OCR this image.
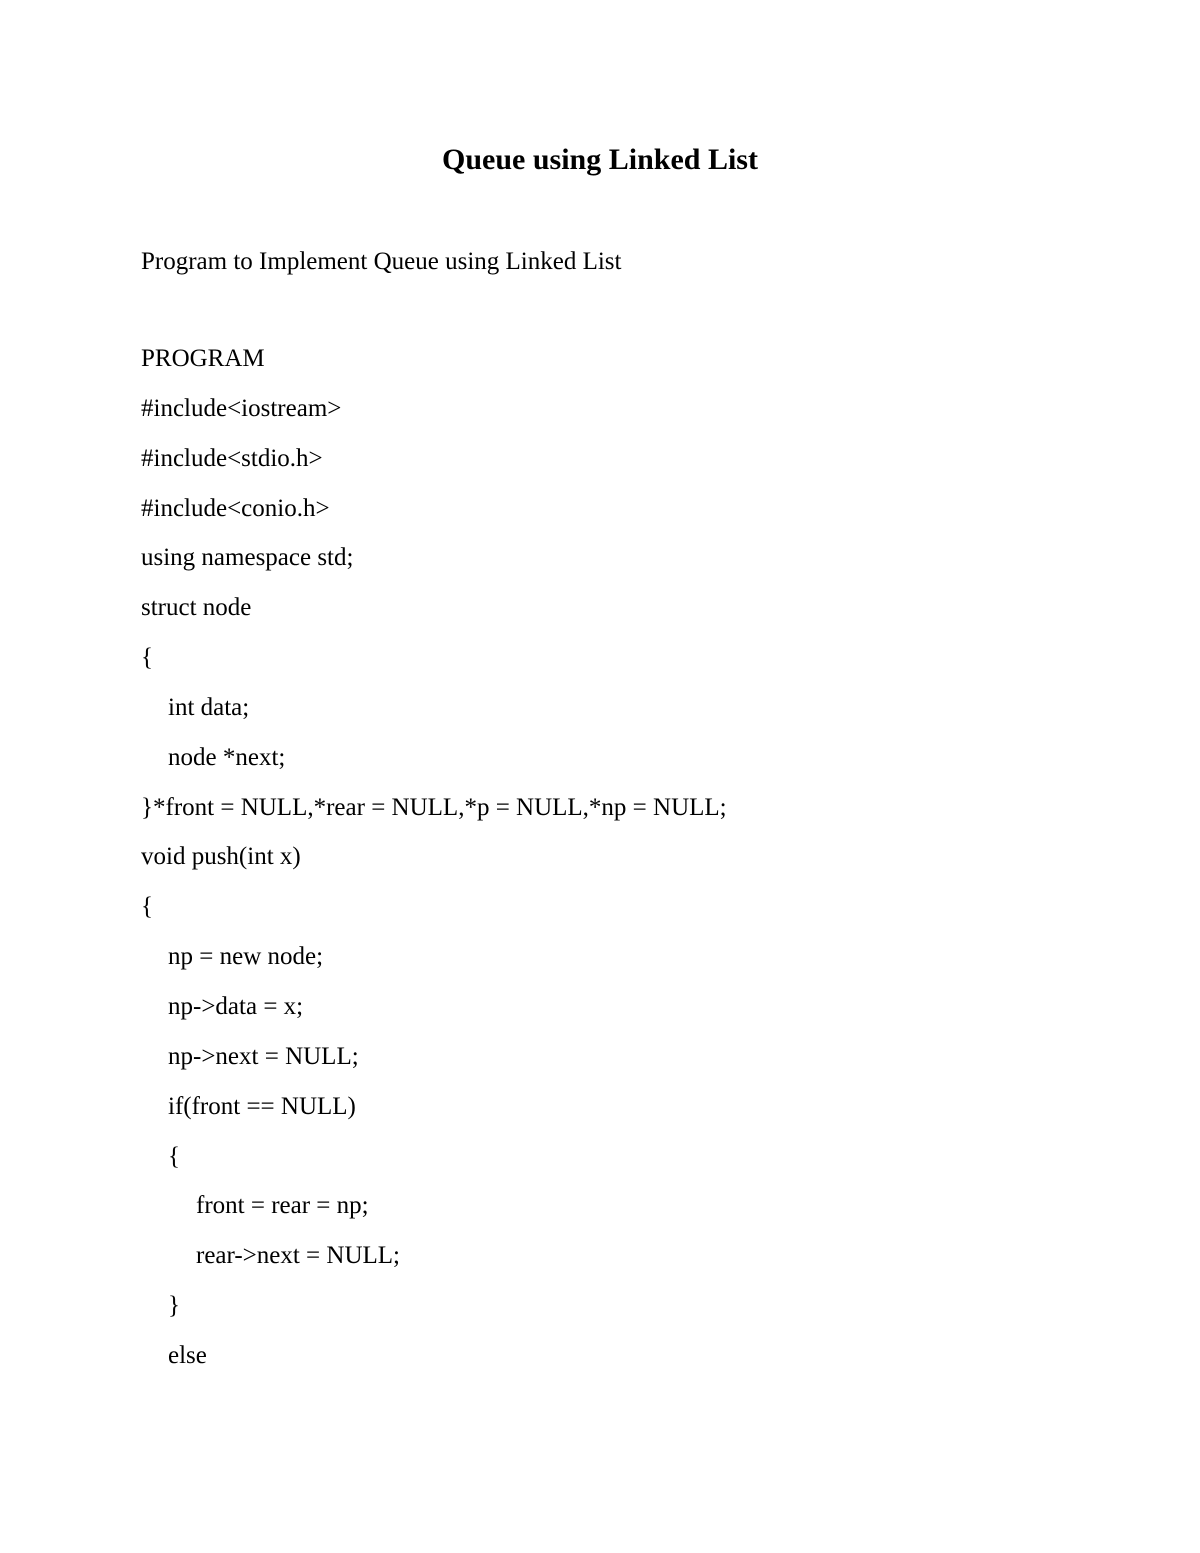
Queue using Linked List

Program to Implement Queue using Linked List

PROGRAM
#include<iostream>
#include<stdio.h>
#include<conio.h>
using namespace std;
struct node
{
int data;
node *next;
}*front = NULL,*rear = NULL,*p = NULL,*np = NULL;
void push(int x)
{
np = new node;
np->data = x;
np->next = NULL;
if(front == NULL)
{
front = rear = np;
rear->next = NULL;
}
else
